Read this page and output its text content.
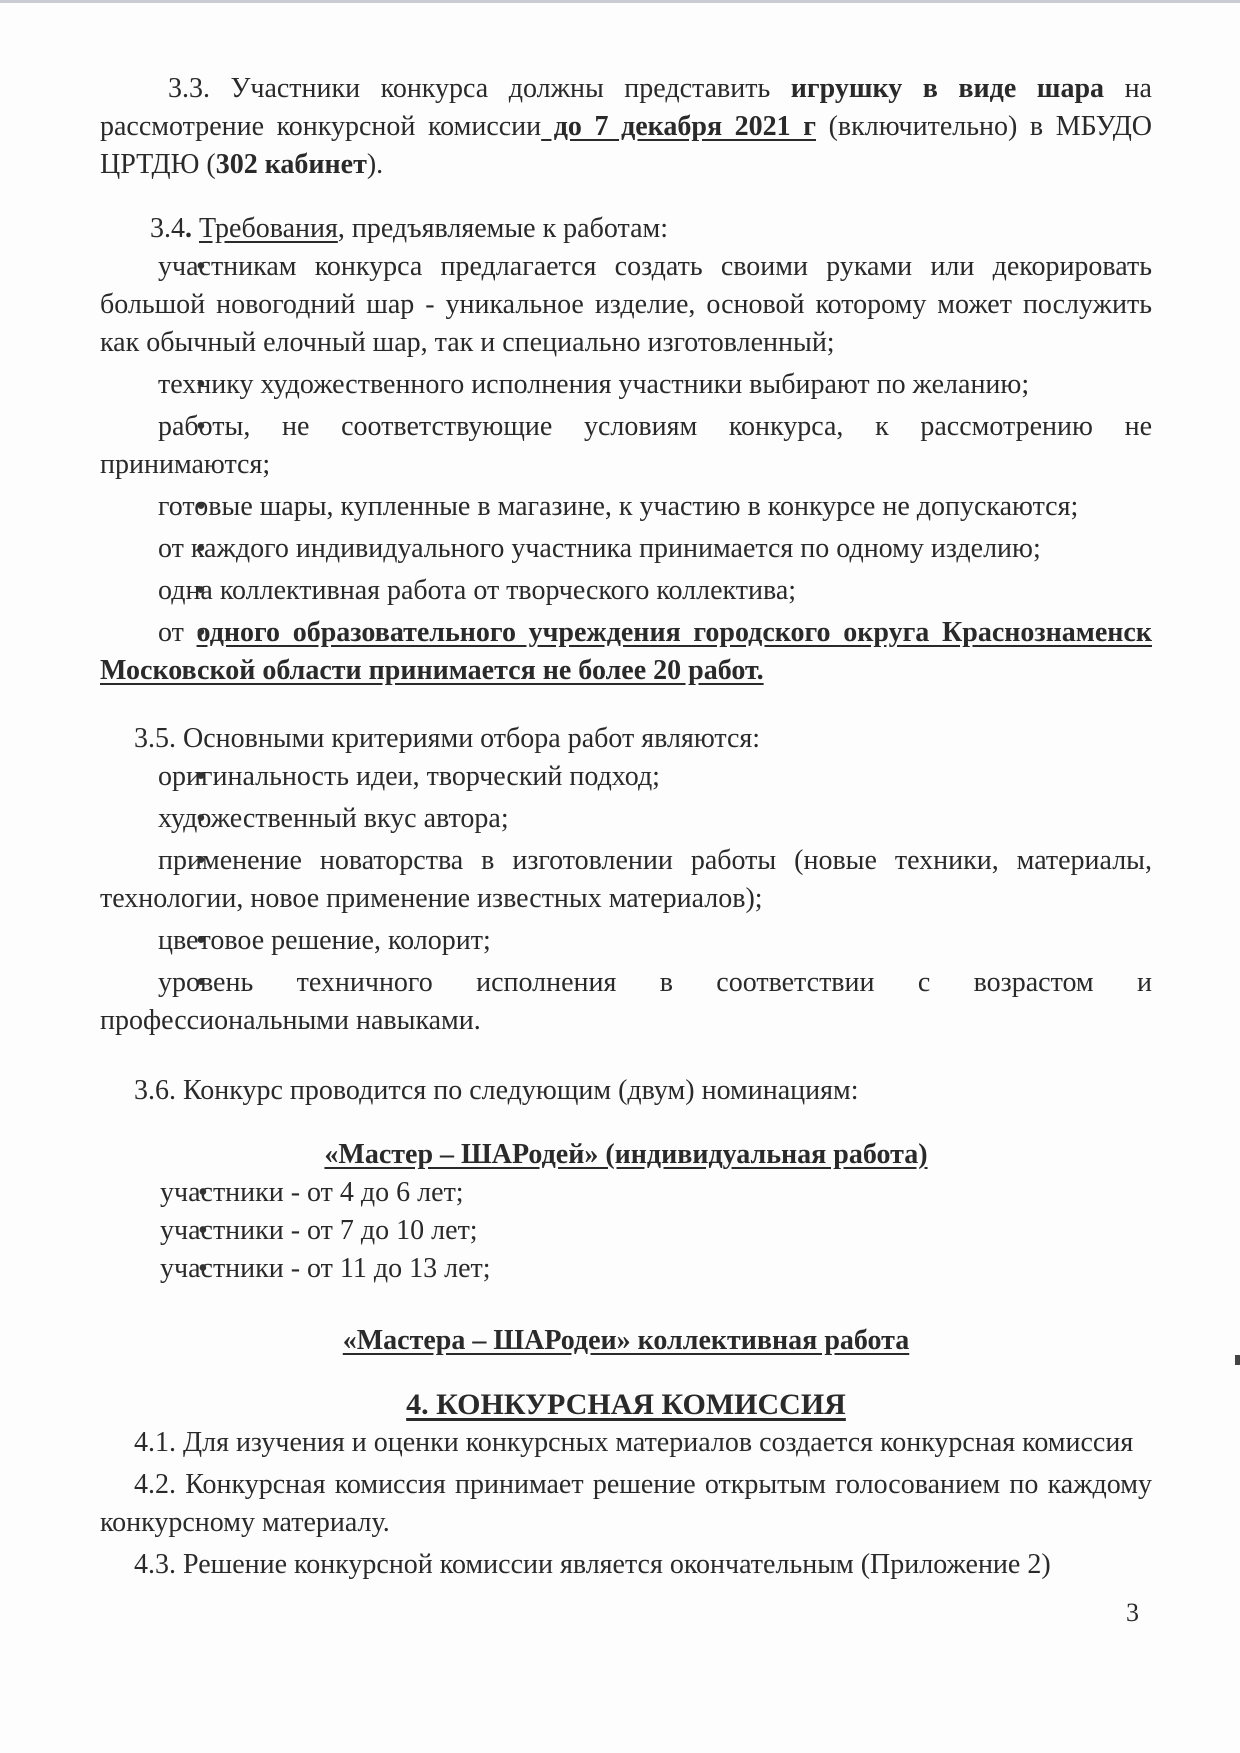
3.3. Участники конкурса должны представить игрушку в виде шара на рассмотрение конкурсной комиссии до 7 декабря 2021 г (включительно) в МБУДО ЦРТДЮ (302 кабинет).

3.4. Требования, предъявляемые к работам:

• участникам конкурса предлагается создать своими руками или декорировать большой новогодний шар - уникальное изделие, основой которому может послужить как обычный елочный шар, так и специально изготовленный;
• технику художественного исполнения участники выбирают по желанию;
• работы, не соответствующие условиям конкурса, к рассмотрению не принимаются;
• готовые шары, купленные в магазине, к участию в конкурсе не допускаются;
• от каждого индивидуального участника принимается по одному изделию;
• одна коллективная работа от творческого коллектива;
• от одного образовательного учреждения городского округа Краснознаменск Московской области принимается не более 20 работ.

3.5. Основными критериями отбора работ являются:

• оригинальность идеи, творческий подход;
• художественный вкус автора;
• применение новаторства в изготовлении работы (новые техники, материалы, технологии, новое применение известных материалов);
• цветовое решение, колорит;
• уровень техничного исполнения в соответствии с возрастом и профессиональными навыками.

3.6. Конкурс проводится по следующим (двум) номинациям:

«Мастер – ШАРодей» (индивидуальная работа)

• участники - от 4 до 6 лет;
• участники - от 7 до 10 лет;
• участники - от 11 до 13 лет;

«Мастера – ШАРодеи» коллективная работа

4. КОНКУРСНАЯ КОМИССИЯ

4.1. Для изучения и оценки конкурсных материалов создается конкурсная комиссия

4.2. Конкурсная комиссия принимает решение открытым голосованием по каждому конкурсному материалу.

4.3. Решение конкурсной комиссии является окончательным (Приложение 2)

3
